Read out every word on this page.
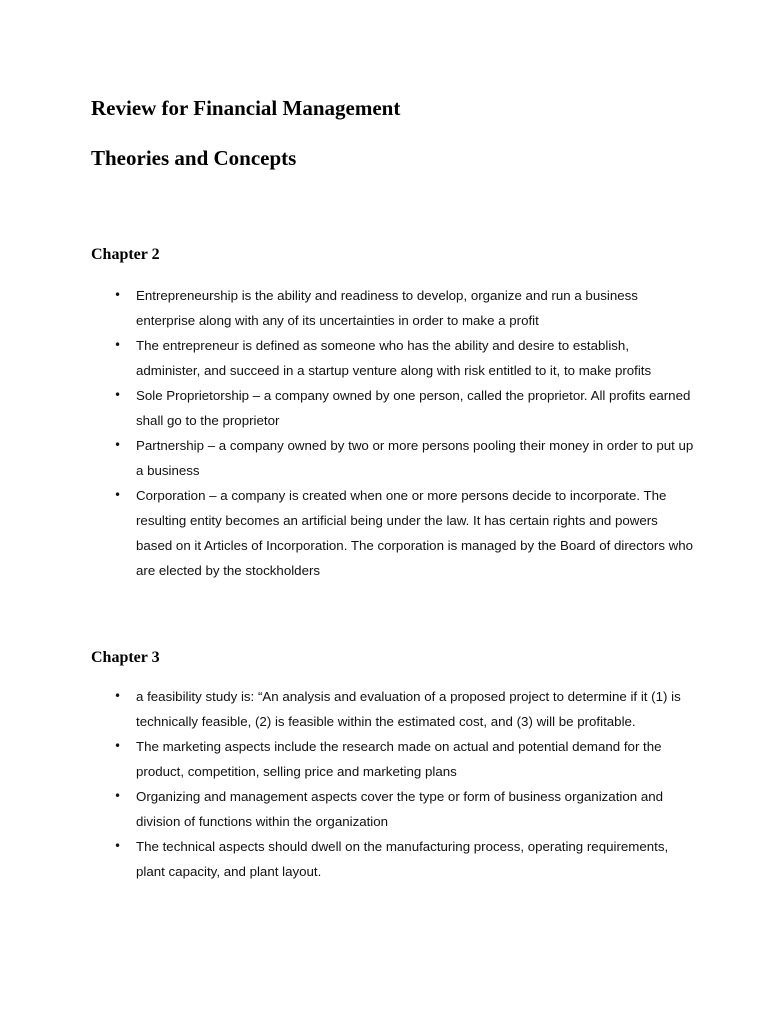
Review for Financial Management
Theories and Concepts
Chapter 2
• Entrepreneurship is the ability and readiness to develop, organize and run a business enterprise along with any of its uncertainties in order to make a profit
• The entrepreneur is defined as someone who has the ability and desire to establish, administer, and succeed in a startup venture along with risk entitled to it, to make profits
• Sole Proprietorship – a company owned by one person, called the proprietor. All profits earned shall go to the proprietor
• Partnership – a company owned by two or more persons pooling their money in order to put up a business
• Corporation – a company is created when one or more persons decide to incorporate. The resulting entity becomes an artificial being under the law. It has certain rights and powers based on it Articles of Incorporation. The corporation is managed by the Board of directors who are elected by the stockholders
Chapter 3
• a feasibility study is: “An analysis and evaluation of a proposed project to determine if it (1) is technically feasible, (2) is feasible within the estimated cost, and (3) will be profitable.
• The marketing aspects include the research made on actual and potential demand for the product, competition, selling price and marketing plans
• Organizing and management aspects cover the type or form of business organization and division of functions within the organization
• The technical aspects should dwell on the manufacturing process, operating requirements, plant capacity, and plant layout.
